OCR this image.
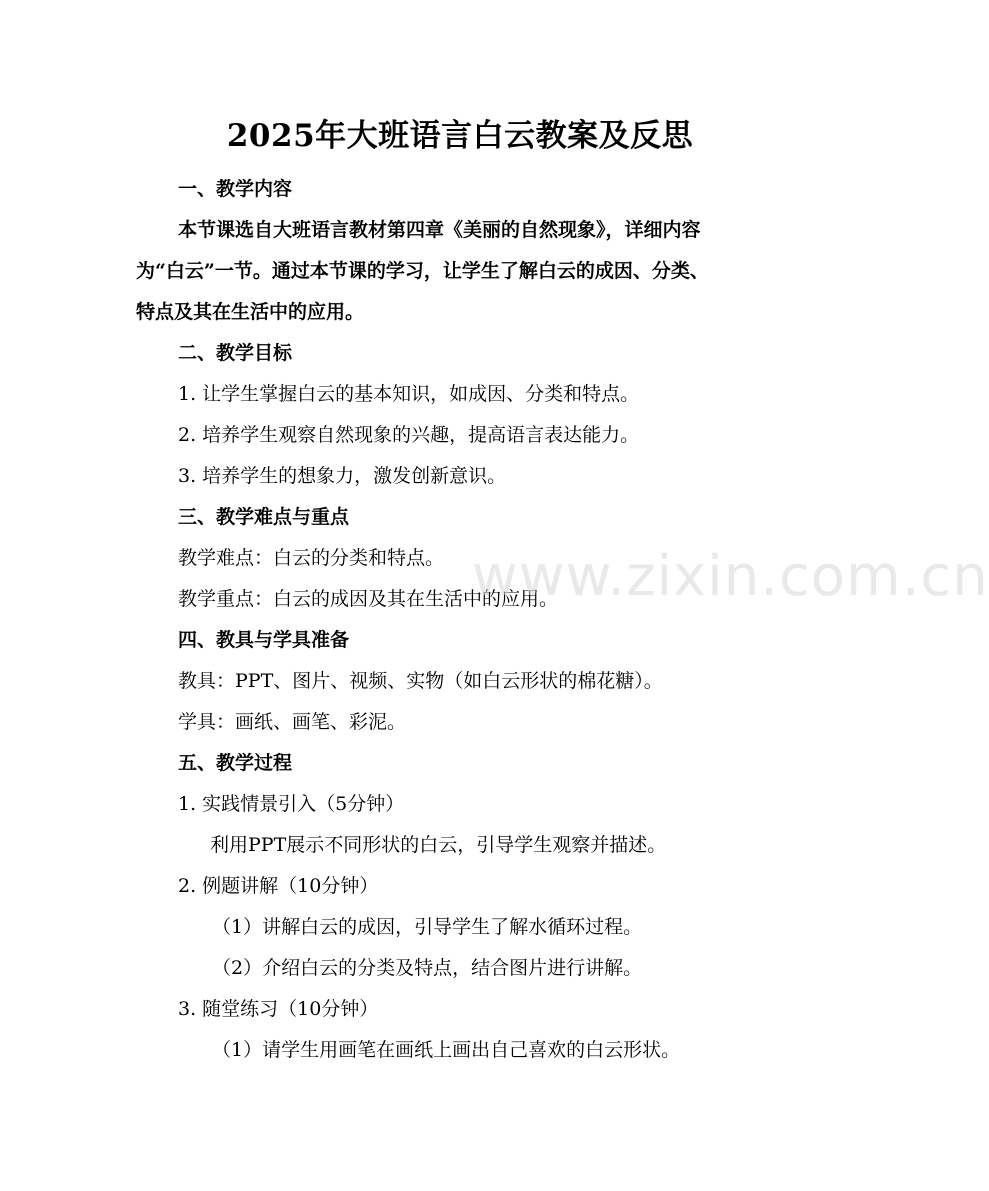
2025年大班语言白云教案及反思
一、教学内容
本节课选自大班语言教材第四章《美丽的自然现象》，详细内容
为“白云”一节。通过本节课的学习，让学生了解白云的成因、分类、
特点及其在生活中的应用。
二、教学目标
1. 让学生掌握白云的基本知识，如成因、分类和特点。
2. 培养学生观察自然现象的兴趣，提高语言表达能力。
3. 培养学生的想象力，激发创新意识。
三、教学难点与重点
教学难点：白云的分类和特点。
教学重点：白云的成因及其在生活中的应用。
四、教具与学具准备
教具：PPT、图片、视频、实物（如白云形状的棉花糖）。
学具：画纸、画笔、彩泥。
五、教学过程
1. 实践情景引入（5分钟）
利用PPT展示不同形状的白云，引导学生观察并描述。
2. 例题讲解（10分钟）
（1）讲解白云的成因，引导学生了解水循环过程。
（2）介绍白云的分类及特点，结合图片进行讲解。
3. 随堂练习（10分钟）
（1）请学生用画笔在画纸上画出自己喜欢的白云形状。
www.zixin.com.cn
